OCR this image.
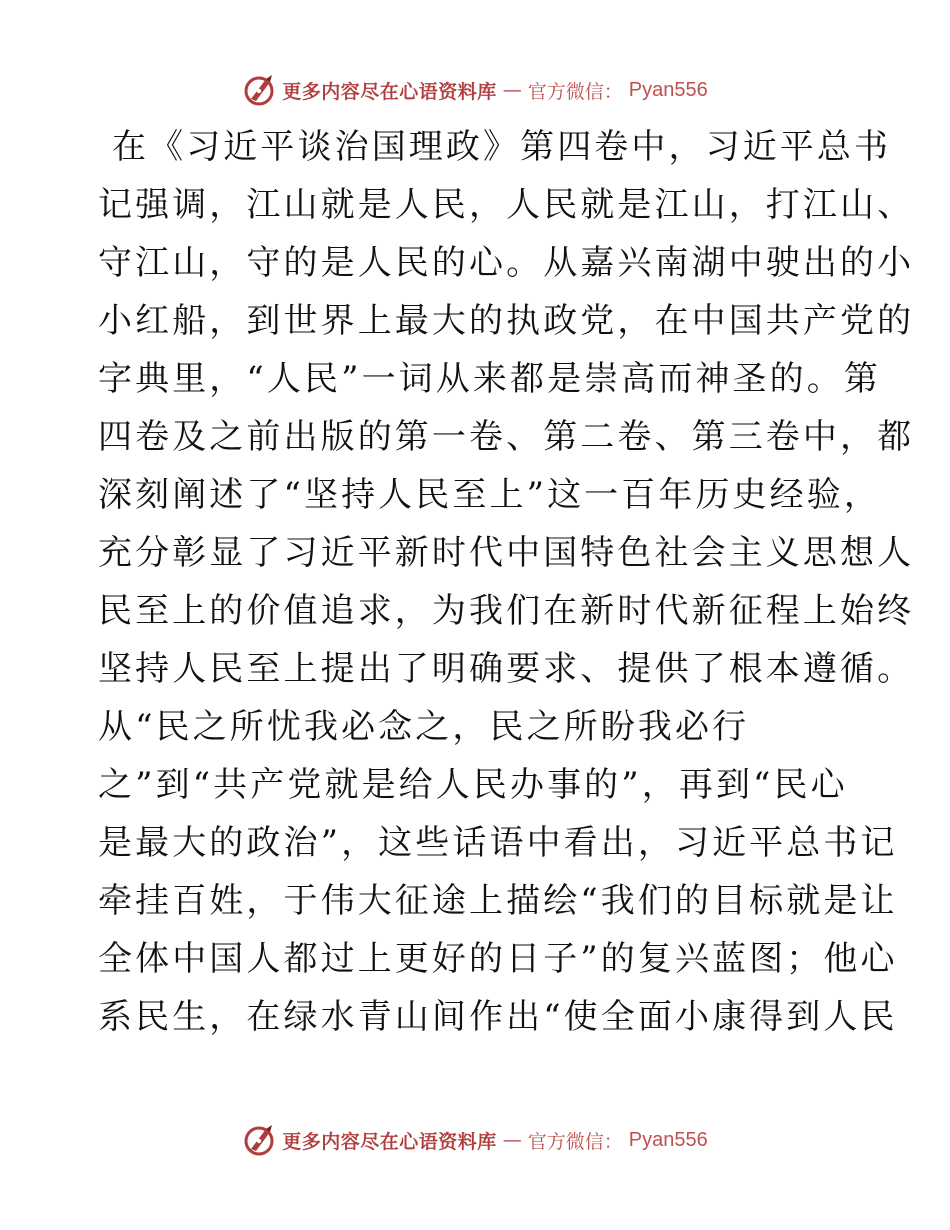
更多内容尽在心语资料库 — 官方微信： Pyan556
在《习近平谈治国理政》第四卷中，习近平总书
记强调，江山就是人民，人民就是江山，打江山、
守江山，守的是人民的心。从嘉兴南湖中驶出的小
小红船，到世界上最大的执政党，在中国共产党的
字典里，“人民”一词从来都是崇高而神圣的。第
四卷及之前出版的第一卷、第二卷、第三卷中，都
深刻阐述了“坚持人民至上”这一百年历史经验，
充分彰显了习近平新时代中国特色社会主义思想人
民至上的价值追求，为我们在新时代新征程上始终
坚持人民至上提出了明确要求、提供了根本遵循。
从“民之所忧我必念之，民之所盼我必行
之”到“共产党就是给人民办事的”，再到“民心
是最大的政治”，这些话语中看出，习近平总书记
牵挂百姓，于伟大征途上描绘“我们的目标就是让
全体中国人都过上更好的日子”的复兴蓝图；他心
系民生，在绿水青山间作出“使全面小康得到人民
更多内容尽在心语资料库 — 官方微信： Pyan556
